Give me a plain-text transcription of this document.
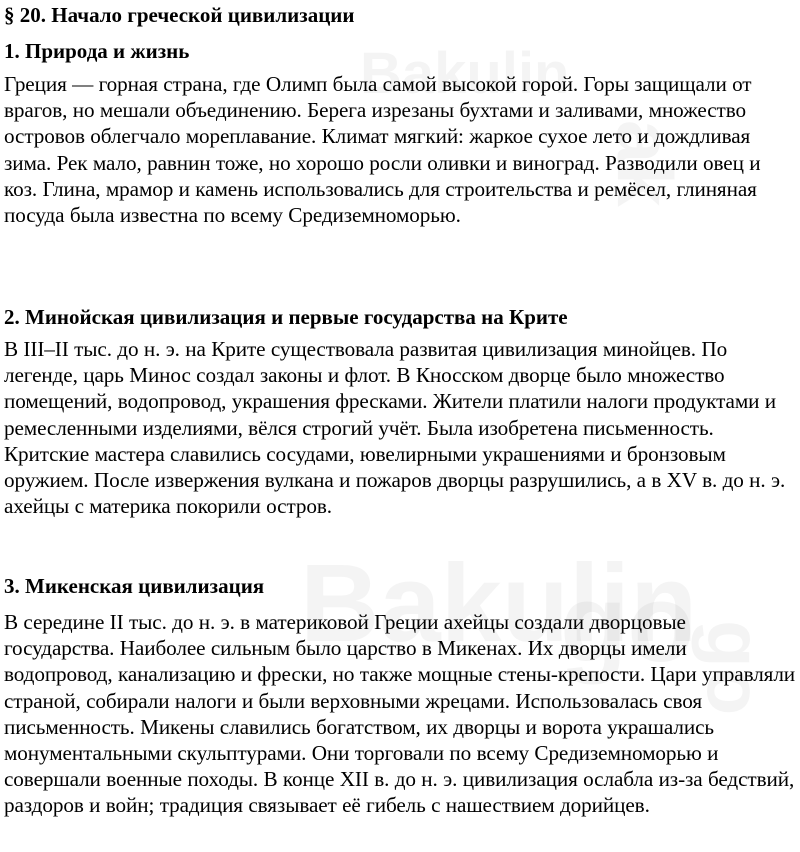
§ 20. Начало греческой цивилизации
1. Природа и жизнь

Греция — горная страна, где Олимп была самой высокой горой. Горы защищали от врагов, но мешали объединению. Берега изрезаны бухтами и заливами, множество островов облегчало мореплавание. Климат мягкий: жаркое сухое лето и дождливая зима. Рек мало, равнин тоже, но хорошо росли оливки и виноград. Разводили овец и коз. Глина, мрамор и камень использовались для строительства и ремёсел, глиняная посуда была известна по всему Средиземноморью.

2. Минойская цивилизация и первые государства на Крите

В III–II тыс. до н. э. на Крите существовала развитая цивилизация минойцев. По легенде, царь Минос создал законы и флот. В Кносском дворце было множество помещений, водопровод, украшения фресками. Жители платили налоги продуктами и ремесленными изделиями, вёлся строгий учёт. Была изобретена письменность. Критские мастера славились сосудами, ювелирными украшениями и бронзовым оружием. После извержения вулкана и пожаров дворцы разрушились, а в XV в. до н. э. ахейцы с материка покорили остров.

3. Микенская цивилизация

В середине II тыс. до н. э. в материковой Греции ахейцы создали дворцовые государства. Наиболее сильным было царство в Микенах. Их дворцы имели водопровод, канализацию и фрески, но также мощные стены-крепости. Цари управляли страной, собирали налоги и были верховными жрецами. Использовалась своя письменность. Микены славились богатством, их дворцы и ворота украшались монументальными скульптурами. Они торговали по всему Средиземноморью и совершали военные походы. В конце XII в. до н. э. цивилизация ослабла из-за бедствий, раздоров и войн; традиция связывает её гибель с нашествием дорийцев.
